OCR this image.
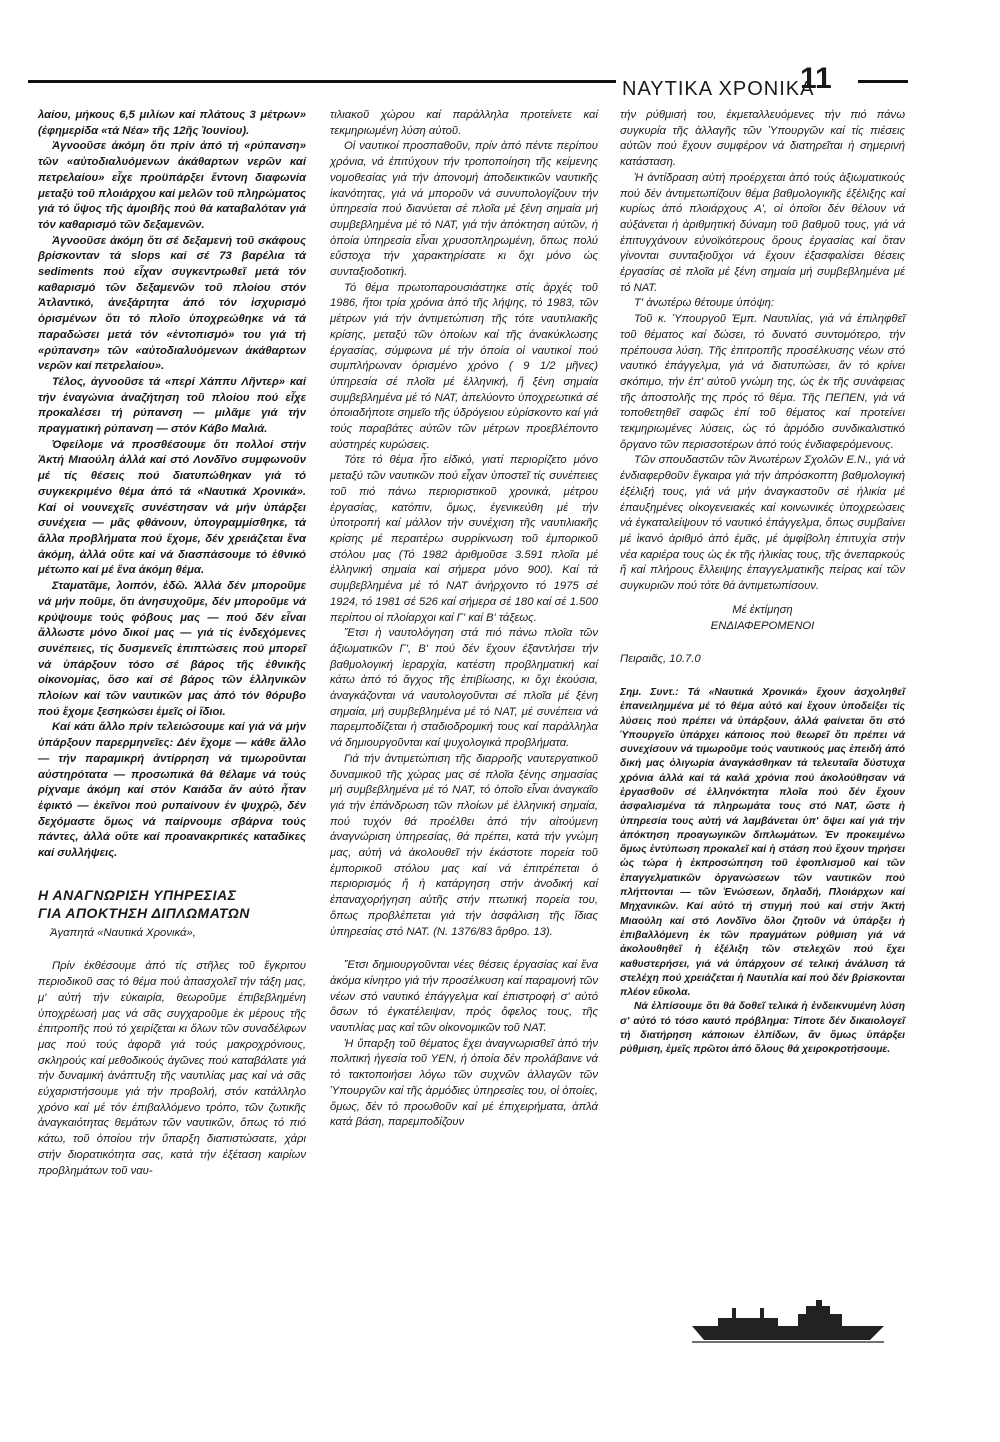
ΝΑΥΤΙΚΑ ΧΡΟΝΙΚΑ
11

λαίου, μήκους 6,5 μιλίων καί πλάτους 3 μέτρων» (ἐφημερίδα «τά Νέα» τῆς 12ῆς Ἰουνίου).

Ἀγνοοῦσε ἀκόμη ὅτι πρίν ἀπό τή «ρύπανση» τῶν «αὐτοδιαλυόμενων ἀκάθαρτων νερῶν καί πετρελαίου» εἶχε προϋπάρξει ἔντονη διαφωνία μεταξύ τοῦ πλοιάρχου καί μελῶν τοῦ πληρώματος γιά τό ὕψος τῆς ἀμοιβῆς πού θά καταβαλόταν γιά τόν καθαρισμό τῶν δεξαμενῶν.

Ἀγνοοῦσε ἀκόμη ὅτι σέ δεξαμενή τοῦ σκάφους βρίσκονταν τά slops καί σέ 73 βαρέλια τά sediments πού εἶχαν συγκεντρωθεῖ μετά τόν καθαρισμό τῶν δεξαμενῶν τοῦ πλοίου στόν Ἀτλαντικό, ἀνεξάρτητα ἀπό τόν ἰσχυρισμό ὁρισμένων ὅτι τό πλοῖο ὑποχρεώθηκε νά τά παραδώσει μετά τόν «ἐντοπισμό» του γιά τή «ρύπανση» τῶν «αὐτοδιαλυόμενων ἀκάθαρτων νερῶν καί πετρελαίου».

Τέλος, ἀγνοοῦσε τά «περί Χάππυ Λῆντερ» καί τήν ἐναγώνια ἀναζήτηση τοῦ πλοίου πού εἶχε προκαλέσει τή ρύπανση — μιλᾶμε γιά τήν πραγματική ρύπανση — στόν Κάβο Μαλιά.

Ὀφείλομε νά προσθέσουμε ὅτι πολλοί στήν Ἀκτή Μιαούλη ἀλλά καί στό Λονδῖνο συμφωνοῦν μέ τίς θέσεις πού διατυπώθηκαν γιά τό συγκεκριμένο θέμα ἀπό τά «Ναυτικά Χρονικά». Καί οἱ νουνεχεῖς συνέστησαν νά μήν ὑπάρξει συνέχεια — μᾶς φθάνουν, ὑπογραμμίσθηκε, τά ἄλλα προβλήματα πού ἔχομε, δέν χρειάζεται ἕνα ἀκόμη, ἀλλά οὔτε καί νά διασπάσουμε τό ἐθνικό μέτωπο καί μέ ἕνα ἀκόμη θέμα.

Σταματᾶμε, λοιπόν, ἐδῶ. Ἀλλά δέν μποροῦμε νά μήν ποῦμε, ὅτι ἀνησυχοῦμε, δέν μποροῦμε νά κρύψουμε τούς φόβους μας — πού δέν εἶναι ἄλλωστε μόνο δικοί μας — γιά τίς ἐνδεχόμενες συνέπειες, τίς δυσμενεῖς ἐπιπτώσεις πού μπορεῖ νά ὑπάρξουν τόσο σέ βάρος τῆς ἐθνικῆς οἰκονομίας, ὅσο καί σέ βάρος τῶν ἑλληνικῶν πλοίων καί τῶν ναυτικῶν μας ἀπό τόν θόρυβο πού ἔχομε ξεσηκώσει ἐμεῖς οἱ ἴδιοι.

Καί κάτι ἄλλο πρίν τελειώσουμε καί γιά νά μήν ὑπάρξουν παρερμηνεῖες: Δέν ἔχομε — κάθε ἄλλο — τήν παραμικρή ἀντίρρηση νά τιμωροῦνται αὐστηρότατα — προσωπικά θά θέλαμε νά τούς ρίχναμε ἀκόμη καί στόν Καιάδα ἄν αὐτό ἦταν ἐφικτό — ἐκεῖνοι πού ρυπαίνουν ἐν ψυχρῷ, δέν δεχόμαστε ὅμως νά παίρνουμε σβάρνα τούς πάντες, ἀλλά οὔτε καί προανακριτικές καταδίκες καί συλλήψεις.

Η ΑΝΑΓΝΩΡΙΣΗ ΥΠΗΡΕΣΙΑΣ
ΓΙΑ ΑΠΟΚΤΗΣΗ ΔΙΠΛΩΜΑΤΩΝ
Ἀγαπητά «Ναυτικά Χρονικά»,

Πρίν ἐκθέσουμε ἀπό τίς στῆλες τοῦ ἔγκριτου περιοδικοῦ σας τό θέμα πού ἀπασχολεῖ τήν τάξη μας, μ' αὐτή τήν εὐκαιρία, θεωροῦμε ἐπιβεβλημένη ὑποχρέωσή μας νά σᾶς συγχαροῦμε ἐκ μέρους τῆς ἐπιτροπῆς πού τό χειρίζεται κι ὅλων τῶν συναδέλφων μας πού τούς ἀφορᾶ γιά τούς μακροχρόνιους, σκληρούς καί μεθοδικούς ἀγῶνες πού καταβάλατε γιά τήν δυναμική ἀνάπτυξη τῆς ναυτιλίας μας καί νά σᾶς εὐχαριστήσουμε γιά τήν προβολή, στόν κατάλληλο χρόνο καί μέ τόν ἐπιβαλλόμενο τρόπο, τῶν ζωτικῆς ἀναγκαιότητας θεμάτων τῶν ναυτικῶν, ὅπως τό πιό κάτω, τοῦ ὁποίου τήν ὕπαρξη διαπιστώσατε, χάρι στήν διορατικότητα σας, κατά τήν ἐξέταση καιρίων προβλημάτων τοῦ ναυ-

τιλιακοῦ χώρου καί παράλληλα προτείνετε καί τεκμηριωμένη λύση αὐτοῦ.

Οἱ ναυτικοί προσπαθοῦν, πρίν ἀπό πέντε περίπου χρόνια, νά ἐπιτύχουν τήν τροποποίηση τῆς κείμενης νομοθεσίας γιά τήν ἀπονομή ἀποδεικτικῶν ναυτικῆς ἱκανότητας, γιά νά μποροῦν νά συνυπολογίζουν τήν ὑπηρεσία πού διανύεται σέ πλοῖα μέ ξένη σημαία μή συμβεβλημένα μέ τό ΝΑΤ, γιά τήν ἀπόκτηση αὐτῶν, ἡ ὁποία ὑπηρεσία εἶναι χρυσοπληρωμένη, ὅπως πολύ εὔστοχα τήν χαρακτηρίσατε κι ὄχι μόνο ὡς συνταξιοδοτική.

Τό θέμα πρωτοπαρουσιάστηκε στίς ἀρχές τοῦ 1986, ἤτοι τρία χρόνια ἀπό τῆς λήψης, τό 1983, τῶν μέτρων γιά τήν ἀντιμετώπιση τῆς τότε ναυτιλιακῆς κρίσης, μεταξύ τῶν ὁποίων καί τῆς ἀνακύκλωσης ἐργασίας, σύμφωνα μέ τήν ὁποία οἱ ναυτικοί πού συμπλήρωναν ὁρισμένο χρόνο ( 9 1/2 μῆνες) ὑπηρεσία σέ πλοῖα μέ ἑλληνική, ἤ ξένη σημαία συμβεβλημένα μέ τό ΝΑΤ, ἀπελύοντο ὑποχρεωτικά σέ ὁποιαδήποτε σημεῖο τῆς ὑδρόγειου εὑρίσκοντο καί γιά τούς παραβάτες αὐτῶν τῶν μέτρων προεβλέποντο αὐστηρές κυρώσεις.

Τότε τό θέμα ἦτο εἰδικό, γιατί περιορίζετο μόνο μεταξύ τῶν ναυτικῶν πού εἶχαν ὑποστεῖ τίς συνέπειες τοῦ πιό πάνω περιοριστικοῦ χρονικά, μέτρου ἐργασίας, κατόπιν, ὅμως, ἐγενικεύθη μέ τήν ὑποτροπή καί μάλλον τήν συνέχιση τῆς ναυτιλιακῆς κρίσης μέ περαιτέρω συρρίκνωση τοῦ ἐμπορικοῦ στόλου μας (Τό 1982 ἀριθμοῦσε 3.591 πλοῖα μέ ἑλληνική σημαία καί σήμερα μόνο 900). Καί τά συμβεβλημένα μέ τό ΝΑΤ ἀνήρχοντο τό 1975 σέ 1924, τό 1981 σέ 526 καί σήμερα σέ 180 καί σέ 1.500 περίπου οἱ πλοίαρχοι καί Γ' καί Β' τάξεως.

Ἔτσι ἡ ναυτολόγηση στά πιό πάνω πλοῖα τῶν ἀξιωματικῶν Γ', Β' πού δέν ἔχουν ἐξαντλήσει τήν βαθμολογική ἱεραρχία, κατέστη προβληματική καί κάτω ἀπό τό ἄγχος τῆς ἐπιβίωσης, κι ὄχι ἑκούσια, ἀναγκάζονται νά ναυτολογοῦνται σέ πλοῖα μέ ξένη σημαία, μή συμβεβλημένα μέ τό ΝΑΤ, μέ συνέπεια νά παρεμποδίζεται ἡ σταδιοδρομική τους καί παράλληλα νά δημιουργοῦνται καί ψυχολογικά προβλήματα.

Γιά τήν ἀντιμετώπιση τῆς διαρροῆς ναυτεργατικοῦ δυναμικοῦ τῆς χώρας μας σέ πλοῖα ξένης σημασίας μή συμβεβλημένα μέ τό ΝΑΤ, τό ὁποῖο εἶναι ἀναγκαῖο γιά τήν ἐπάνδρωση τῶν πλοίων μέ ἑλληνική σημαία, πού τυχόν θά προέλθει ἀπό τήν αἰτούμενη ἀναγνώριση ὑπηρεσίας, θά πρέπει, κατά τήν γνώμη μας, αὐτή νά ἀκολουθεῖ τήν ἑκάστοτε πορεία τοῦ ἐμπορικοῦ στόλου μας καί νά ἐπιτρέπεται ὁ περιορισμός ἤ ἡ κατάργηση στήν ἀνοδική καί ἐπαναχορήγηση αὐτῆς στήν πτωτική πορεία του, ὅπως προβλέπεται γιά τήν ἀσφάλιση τῆς ἴδιας ὑπηρεσίας στό ΝΑΤ. (Ν. 1376/83 ἄρθρο. 13).

Ἔτσι δημιουργοῦνται νέες θέσεις ἐργασίας καί ἕνα ἀκόμα κίνητρο γιά τήν προσέλκυση καί παραμονή τῶν νέων στό ναυτικό ἐπάγγελμα καί ἐπιστροφή σ' αὐτό ὅσων τό ἐγκατέλειψαν, πρός ὄφελος τους, τῆς ναυτιλίας μας καί τῶν οἰκονομικῶν τοῦ ΝΑΤ.

Ἡ ὕπαρξη τοῦ θέματος ἔχει ἀναγνωρισθεῖ ἀπό τήν πολιτική ἡγεσία τοῦ ΥΕΝ, ἡ ὁποία δέν προλάβαινε νά τό τακτοποιήσει λόγω τῶν συχνῶν ἀλλαγῶν τῶν Ὑπουργῶν καί τῆς ἁρμόδιες ὑπηρεσίες του, οἱ ὁποίες, ὅμως, δέν τό προωθοῦν καί μέ ἐπιχειρήματα, ἁπλά κατά βάση, παρεμποδίζουν

τήν ρύθμισή του, ἐκμεταλλευόμενες τήν πιό πάνω συγκυρία τῆς ἀλλαγῆς τῶν Ὑπουργῶν καί τίς πιέσεις αὐτῶν πού ἔχουν συμφέρον νά διατηρεῖται ἡ σημερινή κατάσταση.

Ἡ ἀντίδραση αὐτή προέρχεται ἀπό τούς ἀξιωματικούς πού δέν ἀντιμετωπίζουν θέμα βαθμολογικῆς ἐξέλιξης καί κυρίως ἀπό πλοιάρχους Α', οἱ ὁποῖοι δέν θέλουν νά αὐξάνεται ἡ ἀριθμητική δύναμη τοῦ βαθμοῦ τους, γιά νά ἐπιτυγχάνουν εὐνοϊκότερους ὅρους ἐργασίας καί ὅταν γίνονται συνταξιοῦχοι νά ἔχουν ἐξασφαλίσει θέσεις ἐργασίας σέ πλοῖα μέ ξένη σημαία μή συμβεβλημένα μέ τό ΝΑΤ.

Τ' ἀνωτέρω θέτουμε ὑπόψη:

Τοῦ κ. Ὑπουργοῦ Ἐμπ. Ναυτιλίας, γιά νά ἐπιληφθεῖ τοῦ θέματος καί δώσει, τό δυνατό συντομότερο, τήν πρέπουσα λύση. Τῆς ἐπιτροπῆς προσέλκυσης νέων στό ναυτικό ἐπάγγελμα, γιά νά διατυπώσει, ἄν τό κρίνει σκόπιμο, τήν ἐπ' αὐτοῦ γνώμη της, ὡς ἐκ τῆς συνάφειας τῆς ἀποστολῆς της πρός τό θέμα. Τῆς ΠΕΠΕΝ, γιά νά τοποθετηθεῖ σαφῶς ἐπί τοῦ θέματος καί προτείνει τεκμηριωμένες λύσεις, ὡς τό ἁρμόδιο συνδικαλιστικό ὄργανο τῶν περισσοτέρων ἀπό τούς ἐνδιαφερόμενους.

Τῶν σπουδαστῶν τῶν Ἀνωτέρων Σχολῶν Ε.Ν., γιά νά ἐνδιαφερθοῦν ἔγκαιρα γιά τήν ἀπρόσκοπτη βαθμολογική ἐξέλιξή τους, γιά νά μήν ἀναγκαστοῦν σέ ἡλικία μέ ἐπαυξημένες οἰκογενειακές καί κοινωνικές ὑποχρεώσεις νά ἐγκαταλείψουν τό ναυτικό ἐπάγγελμα, ὅπως συμβαίνει μέ ἱκανό ἀριθμό ἀπό ἐμᾶς, μέ ἀμφίβολη ἐπιτυχία στήν νέα καριέρα τους ὡς ἐκ τῆς ἡλικίας τους, τῆς ἀνεπαρκούς ἤ καί πλήρους ἔλλειψης ἐπαγγελματικῆς πείρας καί τῶν συγκυριῶν πού τότε θά ἀντιμετωπίσουν.

Μέ ἐκτίμηση
ΕΝΔΙΑΦΕΡΟΜΕΝΟΙ
Πειραιᾶς, 10.7.0

Σημ. Συντ.: Τά «Ναυτικά Χρονικά» ἔχουν ἀσχοληθεῖ ἐπανειλημμένα μέ τό θέμα αὐτό καί ἔχουν ὑποδείξει τίς λύσεις πού πρέπει νά ὑπάρξουν, ἀλλά φαίνεται ὅτι στό Ὑπουργεῖο ὑπάρχει κάποιος πού θεωρεῖ ὅτι πρέπει νά συνεχίσουν νά τιμωροῦμε τούς ναυτικούς μας ἐπειδή ἀπό δική μας ὀλιγωρία ἀναγκάσθηκαν τά τελευταῖα δύστυχα χρόνια ἀλλά καί τά καλά χρόνια πού ἀκολούθησαν νά ἐργασθοῦν σέ ἑλληνόκτητα πλοῖα πού δέν ἔχουν ἀσφαλισμένα τά πληρωμάτα τους στό ΝΑΤ, ὥστε ἡ ὑπηρεσία τους αὐτή νά λαμβάνεται ὑπ' ὄψει καί γιά τήν ἀπόκτηση προαγωγικῶν διπλωμάτων. Ἐν προκειμένω ὅμως ἐντύπωση προκαλεῖ καί ἡ στάση πού ἔχουν τηρήσει ὡς τώρα ἡ ἐκπροσώπηση τοῦ ἐφοπλισμοῦ καί τῶν ἐπαγγελματικῶν ὀργανώσεων τῶν ναυτικῶν πού πλήττονται — τῶν Ἑνώσεων, δηλαδή, Πλοιάρχων καί Μηχανικῶν. Καί αὐτό τή στιγμή πού καί στήν Ἀκτή Μιαούλη καί στό Λονδῖνο ὅλοι ζητοῦν νά ὑπάρξει ἡ ἐπιβαλλόμενη ἐκ τῶν πραγμάτων ρύθμιση γιά νά ἀκολουθηθεῖ ἡ ἐξέλιξη τῶν στελεχῶν πού ἔχει καθυστερήσει, γιά νά ὑπάρχουν σέ τελική ἀνάλυση τά στελέχη πού χρειάζεται ἡ Ναυτιλία καί πού δέν βρίσκονται πλέον εὔκολα.

Νά ἐλπίσουμε ὅτι θά δοθεῖ τελικά ἡ ἐνδεικνυμένη λύση σ' αὐτό τό τόσο καυτό πρόβλημα: Τίποτε δέν δικαιολογεῖ τή διατήρηση κάποιων ἐλπίδων, ἄν ὅμως ὑπάρξει ρύθμιση, ἐμεῖς πρῶτοι ἀπό ὅλους θά χειροκροτήσουμε.
